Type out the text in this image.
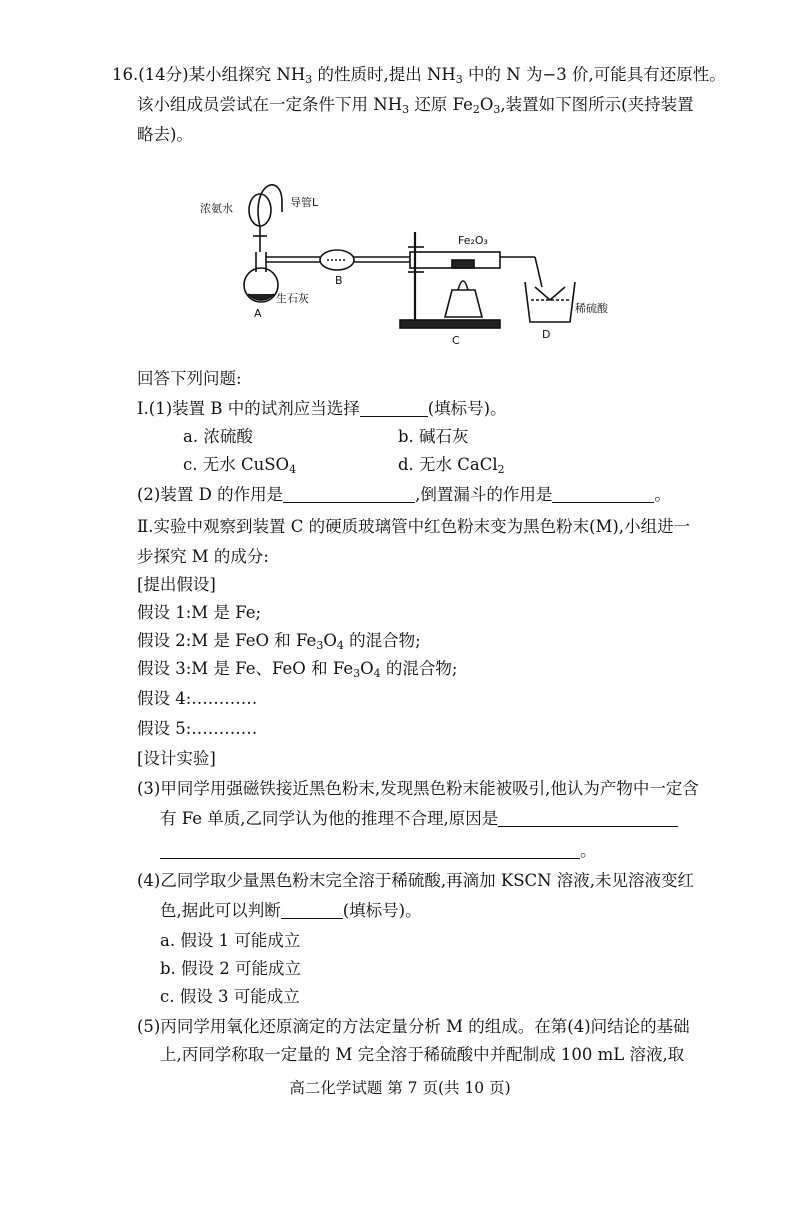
16.(14分)某小组探究 $NH_3$ 的性质时,提出 $NH_3$ 中的 N 为−3 价,可能具有还原性。
该小组成员尝试在一定条件下用 $NH_3$ 还原 $Fe_2O_3$,装置如下图所示(夹持装置
略去)。
浓氨水	导管L
生石灰
A
B
C	D
Fe₂O₃
稀硫酸
回答下列问题:
Ⅰ.(1)装置 B 中的试剂应当选择	(填标号)。
a. 浓硫酸	b. 碱石灰
c. 无水 CuSO$_4$	d. 无水 CaCl$_2$
(2)装置 D 的作用是	,倒置漏斗的作用是	。
Ⅱ.实验中观察到装置 C 的硬质玻璃管中红色粉末变为黑色粉末(M),小组进一
步探究 M 的成分:
[提出假设]
假设 1:M 是 Fe;
假设 2:M 是 FeO 和 $Fe_3O_4$ 的混合物;
假设 3:M 是 Fe、FeO 和 $Fe_3O_4$ 的混合物;
假设 4:…………
假设 5:…………
[设计实验]
(3)甲同学用强磁铁接近黑色粉末,发现黑色粉末能被吸引,他认为产物中一定含
有 Fe 单质,乙同学认为他的推理不合理,原因是
。
(4)乙同学取少量黑色粉末完全溶于稀硫酸,再滴加 KSCN 溶液,未见溶液变红
色,据此可以判断	(填标号)。
a. 假设 1 可能成立
b. 假设 2 可能成立
c. 假设 3 可能成立
(5)丙同学用氧化还原滴定的方法定量分析 M 的组成。在第(4)问结论的基础
上,丙同学称取一定量的 M 完全溶于稀硫酸中并配制成 100 mL 溶液,取
高二化学试题 第 7 页(共 10 页)
